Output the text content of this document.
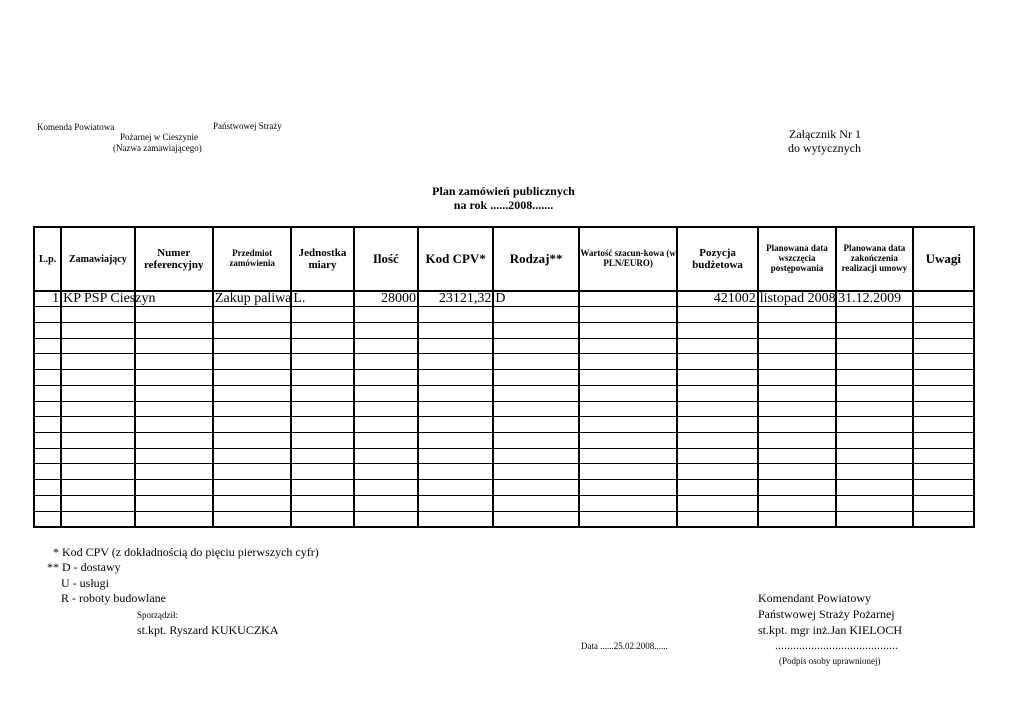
Komenda Powiatowa	Państwowej Straży
Pożarnej w Cieszynie
(Nazwa zamawiającego)
Załącznik Nr 1
do wytycznych
Plan zamówień publicznych
na rok ......2008.......
L.p.	Zamawiający	Numer referencyjny	Przedmiot zamówienia	Jednostka miary	Ilość	Kod CPV*	Rodzaj**	Wartość szacun-kowa (w PLN/EURO)	Pozycja budżetowa	Planowana data wszczęcia postępowania	Planowana data zakończenia realizacji umowy	Uwagi
1	KP PSP Cieszyn		Zakup paliwa	L.	28000	23121,32	D		421002	listopad 2008	31.12.2009	

* Kod CPV (z dokładnością do pięciu pierwszych cyfr)
** D - dostawy
U - usługi
R - roboty budowlane
Sporządził:
st.kpt. Ryszard KUKUCZKA
Data ......25.02.2008......
Komendant Powiatowy
Państwowej Straży Pożarnej
st.kpt. mgr inż.Jan KIELOCH
.........................................
(Podpis osoby uprawnionej)
